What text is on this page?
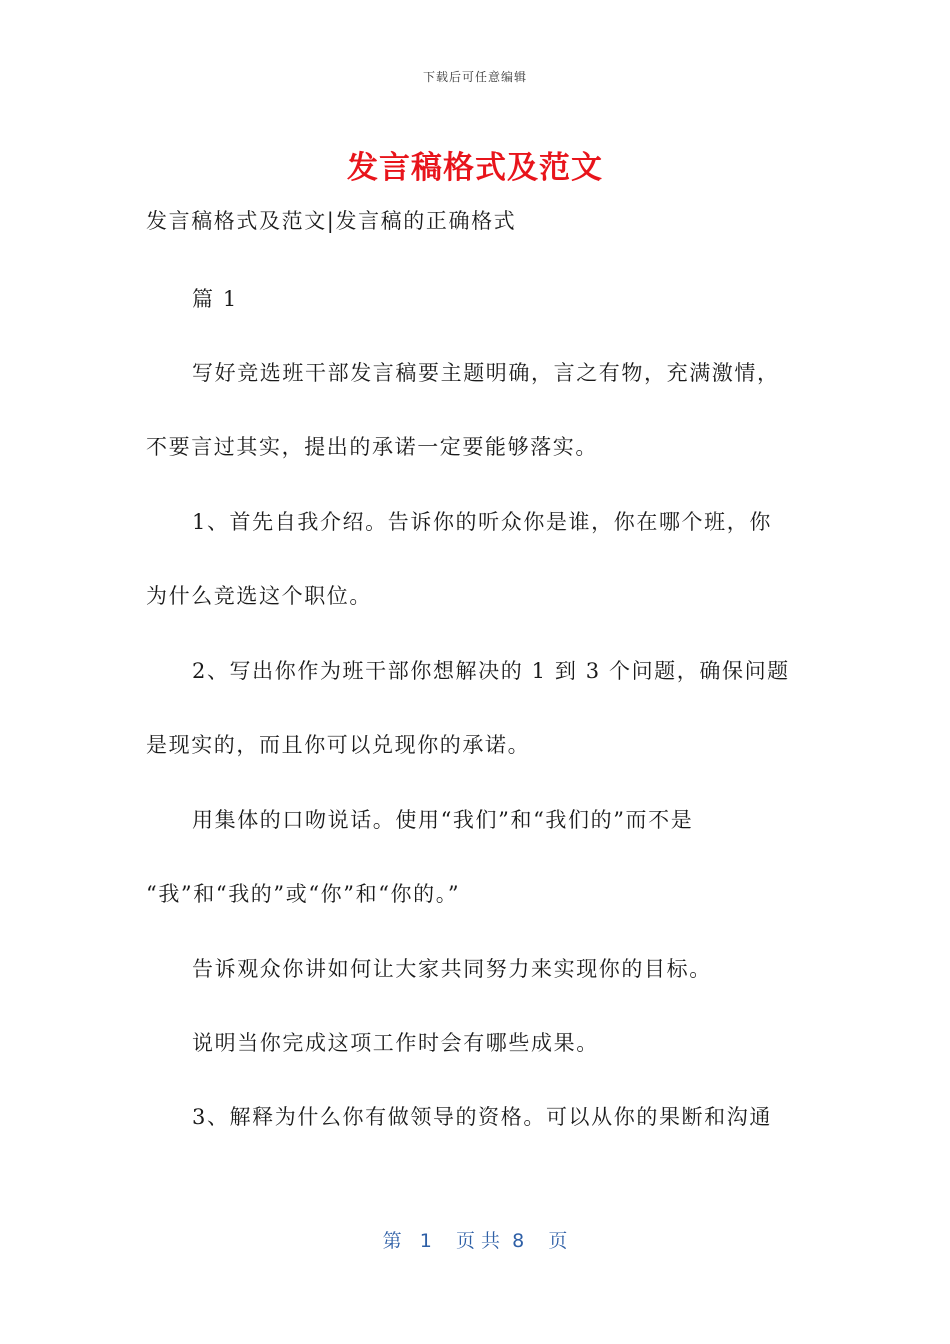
下载后可任意编辑
发言稿格式及范文
发言稿格式及范文|发言稿的正确格式
篇 1
写好竞选班干部发言稿要主题明确，言之有物，充满激情，
不要言过其实，提出的承诺一定要能够落实。
1、首先自我介绍。告诉你的听众你是谁，你在哪个班，你
为什么竞选这个职位。
2、写出你作为班干部你想解决的 1 到 3 个问题，确保问题
是现实的，而且你可以兑现你的承诺。
用集体的口吻说话。使用“我们”和“我们的”而不是
“我”和“我的”或“你”和“你的。”
告诉观众你讲如何让大家共同努力来实现你的目标。
说明当你完成这项工作时会有哪些成果。
3、解释为什么你有做领导的资格。可以从你的果断和沟通
第   1    页 共  8    页
